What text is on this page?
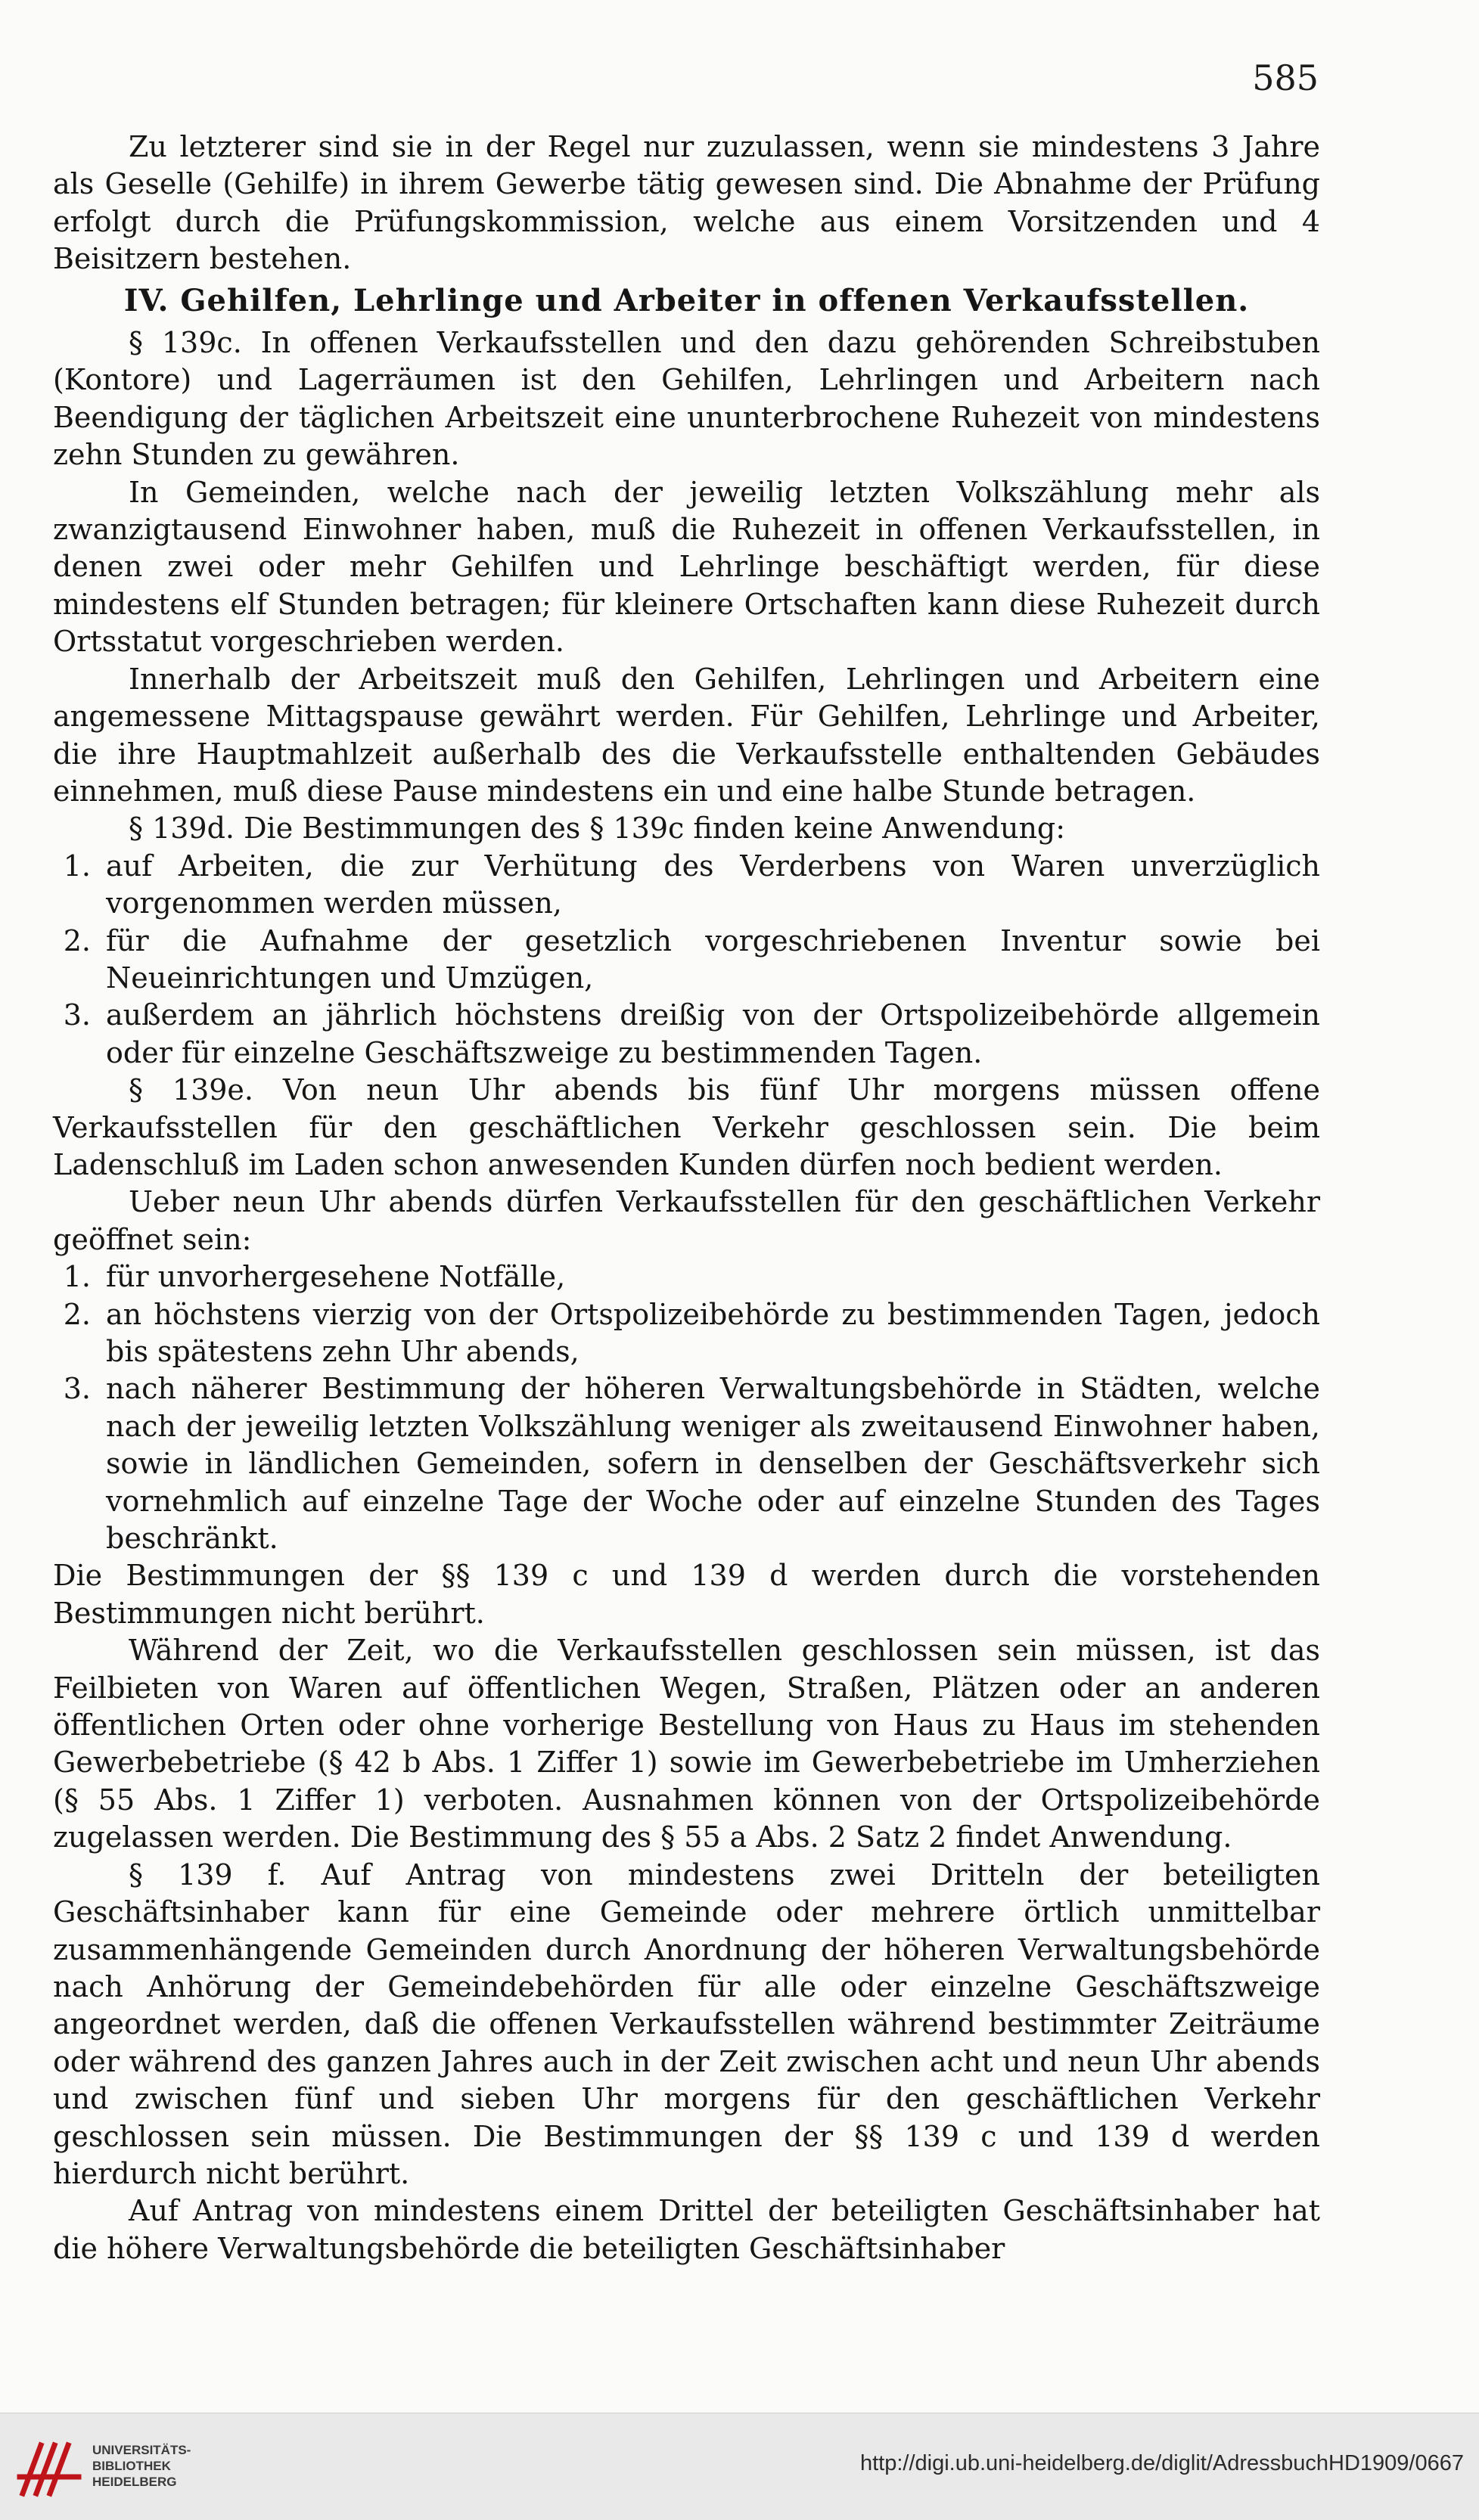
585

Zu letzterer sind sie in der Regel nur zuzulassen, wenn sie mindestens 3 Jahre als Geselle (Gehilfe) in ihrem Gewerbe tätig gewesen sind. Die Abnahme der Prüfung erfolgt durch die Prüfungskommission, welche aus einem Vorsitzenden und 4 Beisitzern bestehen.

IV. Gehilfen, Lehrlinge und Arbeiter in offenen Verkaufsstellen.

§ 139c. In offenen Verkaufsstellen und den dazu gehörenden Schreibstuben (Kontore) und Lagerräumen ist den Gehilfen, Lehrlingen und Arbeitern nach Beendigung der täglichen Arbeitszeit eine ununterbrochene Ruhezeit von mindestens zehn Stunden zu gewähren.

In Gemeinden, welche nach der jeweilig letzten Volkszählung mehr als zwanzigtausend Einwohner haben, muß die Ruhezeit in offenen Verkaufsstellen, in denen zwei oder mehr Gehilfen und Lehrlinge beschäftigt werden, für diese mindestens elf Stunden betragen; für kleinere Ortschaften kann diese Ruhezeit durch Ortsstatut vorgeschrieben werden.

Innerhalb der Arbeitszeit muß den Gehilfen, Lehrlingen und Arbeitern eine angemessene Mittagspause gewährt werden. Für Gehilfen, Lehrlinge und Arbeiter, die ihre Hauptmahlzeit außerhalb des die Verkaufsstelle enthaltenden Gebäudes einnehmen, muß diese Pause mindestens ein und eine halbe Stunde betragen.

§ 139d. Die Bestimmungen des § 139c finden keine Anwendung:

1. auf Arbeiten, die zur Verhütung des Verderbens von Waren unverzüglich vorgenommen werden müssen,
2. für die Aufnahme der gesetzlich vorgeschriebenen Inventur sowie bei Neueinrichtungen und Umzügen,
3. außerdem an jährlich höchstens dreißig von der Ortspolizeibehörde allgemein oder für einzelne Geschäftszweige zu bestimmenden Tagen.

§ 139e. Von neun Uhr abends bis fünf Uhr morgens müssen offene Verkaufsstellen für den geschäftlichen Verkehr geschlossen sein. Die beim Ladenschluß im Laden schon anwesenden Kunden dürfen noch bedient werden.

Ueber neun Uhr abends dürfen Verkaufsstellen für den geschäftlichen Verkehr geöffnet sein:

1. für unvorhergesehene Notfälle,
2. an höchstens vierzig von der Ortspolizeibehörde zu bestimmenden Tagen, jedoch bis spätestens zehn Uhr abends,
3. nach näherer Bestimmung der höheren Verwaltungsbehörde in Städten, welche nach der jeweilig letzten Volkszählung weniger als zweitausend Einwohner haben, sowie in ländlichen Gemeinden, sofern in denselben der Geschäftsverkehr sich vornehmlich auf einzelne Tage der Woche oder auf einzelne Stunden des Tages beschränkt.

Die Bestimmungen der §§ 139 c und 139 d werden durch die vorstehenden Bestimmungen nicht berührt.

Während der Zeit, wo die Verkaufsstellen geschlossen sein müssen, ist das Feilbieten von Waren auf öffentlichen Wegen, Straßen, Plätzen oder an anderen öffentlichen Orten oder ohne vorherige Bestellung von Haus zu Haus im stehenden Gewerbebetriebe (§ 42 b Abs. 1 Ziffer 1) sowie im Gewerbebetriebe im Umherziehen (§ 55 Abs. 1 Ziffer 1) verboten. Ausnahmen können von der Ortspolizeibehörde zugelassen werden. Die Bestimmung des § 55 a Abs. 2 Satz 2 findet Anwendung.

§ 139 f. Auf Antrag von mindestens zwei Dritteln der beteiligten Geschäftsinhaber kann für eine Gemeinde oder mehrere örtlich unmittelbar zusammenhängende Gemeinden durch Anordnung der höheren Verwaltungsbehörde nach Anhörung der Gemeindebehörden für alle oder einzelne Geschäftszweige angeordnet werden, daß die offenen Verkaufsstellen während bestimmter Zeiträume oder während des ganzen Jahres auch in der Zeit zwischen acht und neun Uhr abends und zwischen fünf und sieben Uhr morgens für den geschäftlichen Verkehr geschlossen sein müssen. Die Bestimmungen der §§ 139 c und 139 d werden hierdurch nicht berührt.

Auf Antrag von mindestens einem Drittel der beteiligten Geschäftsinhaber hat die höhere Verwaltungsbehörde die beteiligten Geschäftsinhaber

UNIVERSITÄTS-
BIBLIOTHEK
HEIDELBERG
http://digi.ub.uni-heidelberg.de/diglit/AdressbuchHD1909/0667
